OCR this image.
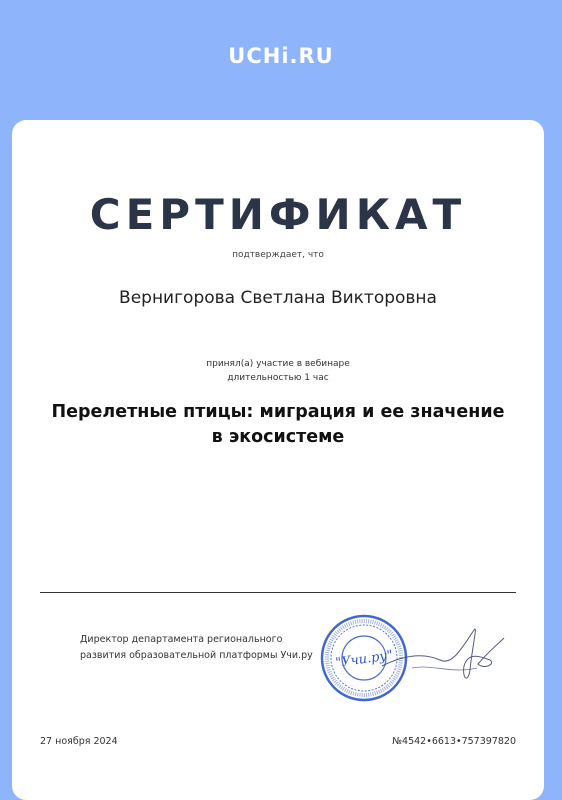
UCHi.RU
СЕРТИФИКАТ
подтверждает, что
Вернигорова Светлана Викторовна
принял(а) участие в вебинаре
длительностью 1 час
Перелетные птицы: миграция и ее значение
в экосистеме
Директор департамента регионального
развития образовательной платформы Учи.ру "Учи.ру"
27 ноября 2024	№4542•6613•757397820
